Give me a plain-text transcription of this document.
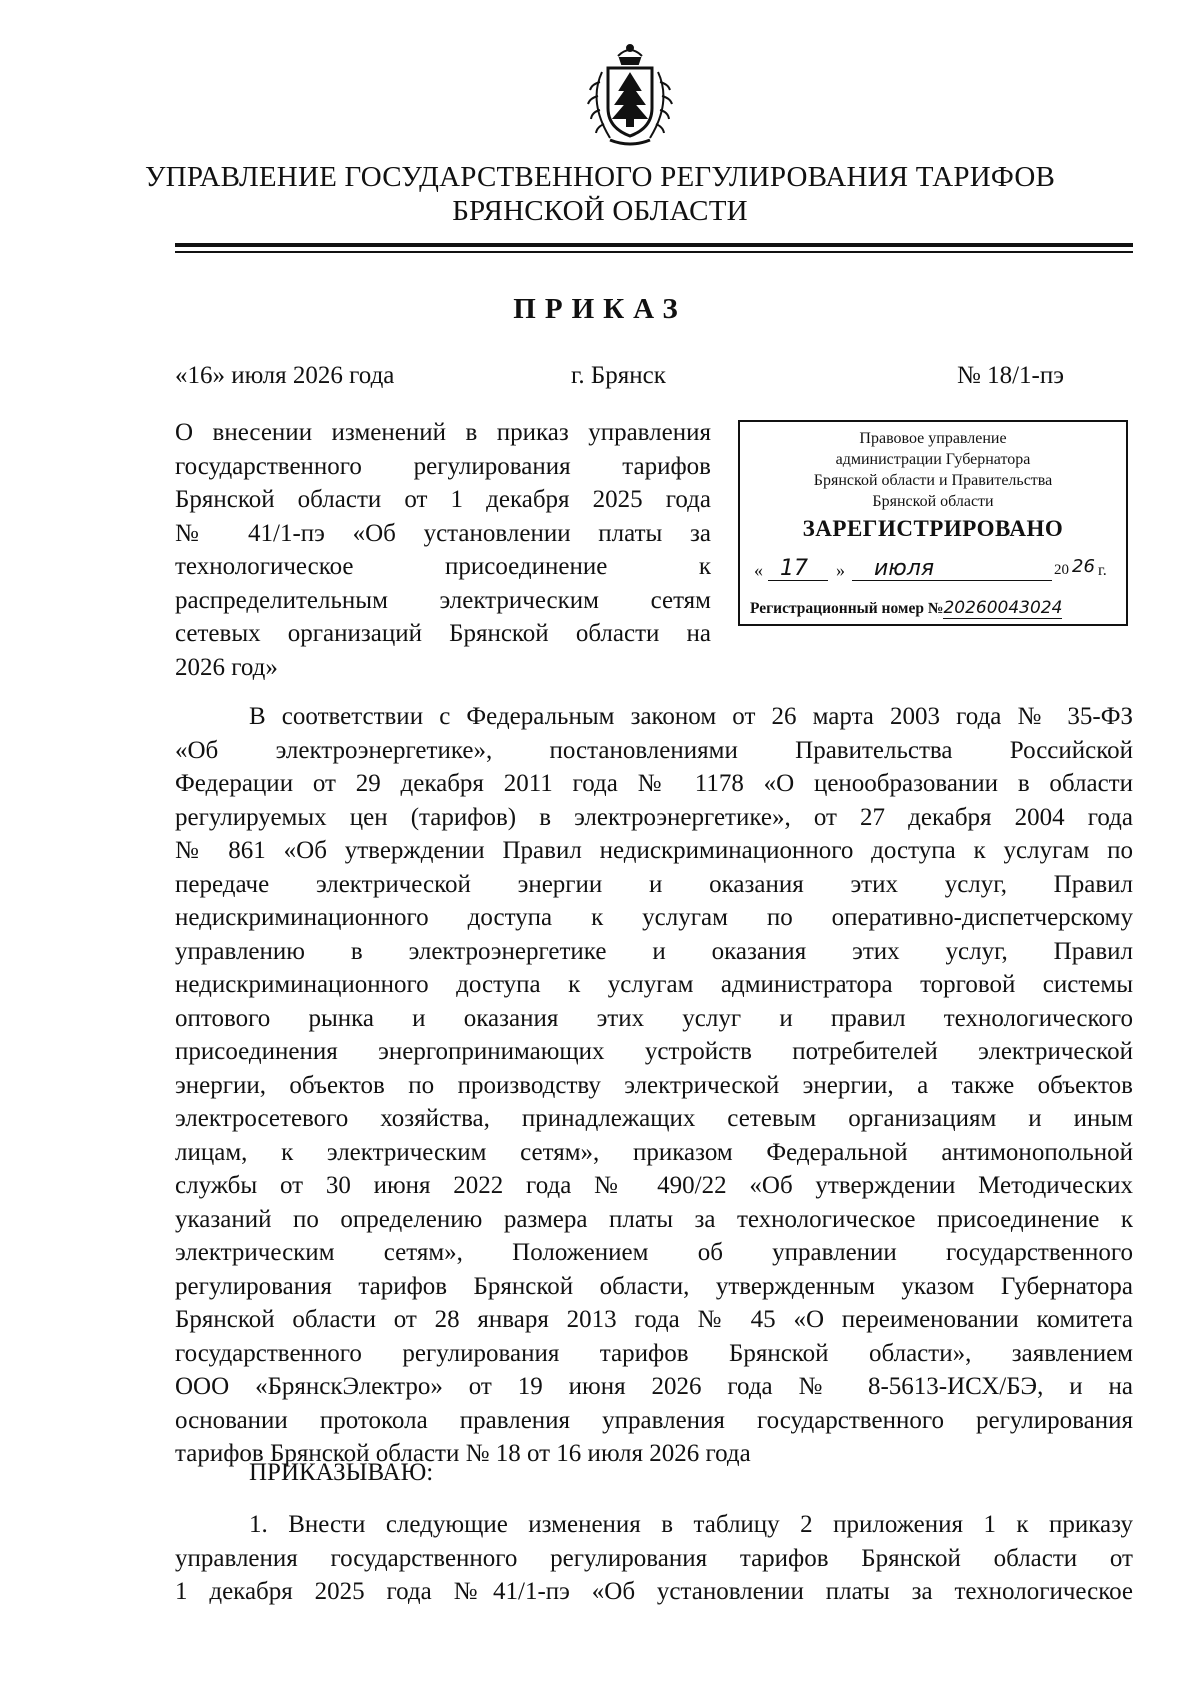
УПРАВЛЕНИЕ ГОСУДАРСТВЕННОГО РЕГУЛИРОВАНИЯ ТАРИФОВ
БРЯНСКОЙ ОБЛАСТИ
ПРИКАЗ
«16» июля 2026 года	г. Брянск	№ 18/1-пэ
О внесении изменений в приказ управления
государственного регулирования тарифов
Брянской области от 1 декабря 2025 года
№ 41/1-пэ «Об установлении платы за
технологическое присоединение к
распределительным электрическим сетям
сетевых организаций Брянской области на
2026 год»
Правовое управление
администрации Губернатора
Брянской области и Правительства
Брянской области
ЗАРЕГИСТРИРОВАНО
« 17 » июля	20 26 г.
Регистрационный номер №20260043024
В соответствии с Федеральным законом от 26 марта 2003 года № 35-ФЗ
«Об электроэнергетике», постановлениями Правительства Российской
Федерации от 29 декабря 2011 года № 1178 «О ценообразовании в области
регулируемых цен (тарифов) в электроэнергетике», от 27 декабря 2004 года
№ 861 «Об утверждении Правил недискриминационного доступа к услугам по
передаче электрической энергии и оказания этих услуг, Правил
недискриминационного доступа к услугам по оперативно-диспетчерскому
управлению в электроэнергетике и оказания этих услуг, Правил
недискриминационного доступа к услугам администратора торговой системы
оптового рынка и оказания этих услуг и правил технологического
присоединения энергопринимающих устройств потребителей электрической
энергии, объектов по производству электрической энергии, а также объектов
электросетевого хозяйства, принадлежащих сетевым организациям и иным
лицам, к электрическим сетям», приказом Федеральной антимонопольной
службы от 30 июня 2022 года № 490/22 «Об утверждении Методических
указаний по определению размера платы за технологическое присоединение к
электрическим сетям», Положением об управлении государственного
регулирования тарифов Брянской области, утвержденным указом Губернатора
Брянской области от 28 января 2013 года № 45 «О переименовании комитета
государственного регулирования тарифов Брянской области», заявлением
ООО «БрянскЭлектро» от 19 июня 2026 года № 8-5613-ИСХ/БЭ, и на
основании протокола правления управления государственного регулирования
тарифов Брянской области № 18 от 16 июля 2026 года
ПРИКАЗЫВАЮ:
1. Внести следующие изменения в таблицу 2 приложения 1 к приказу
управления государственного регулирования тарифов Брянской области от
1 декабря 2025 года №41/1-пэ «Об установлении платы за технологическое
